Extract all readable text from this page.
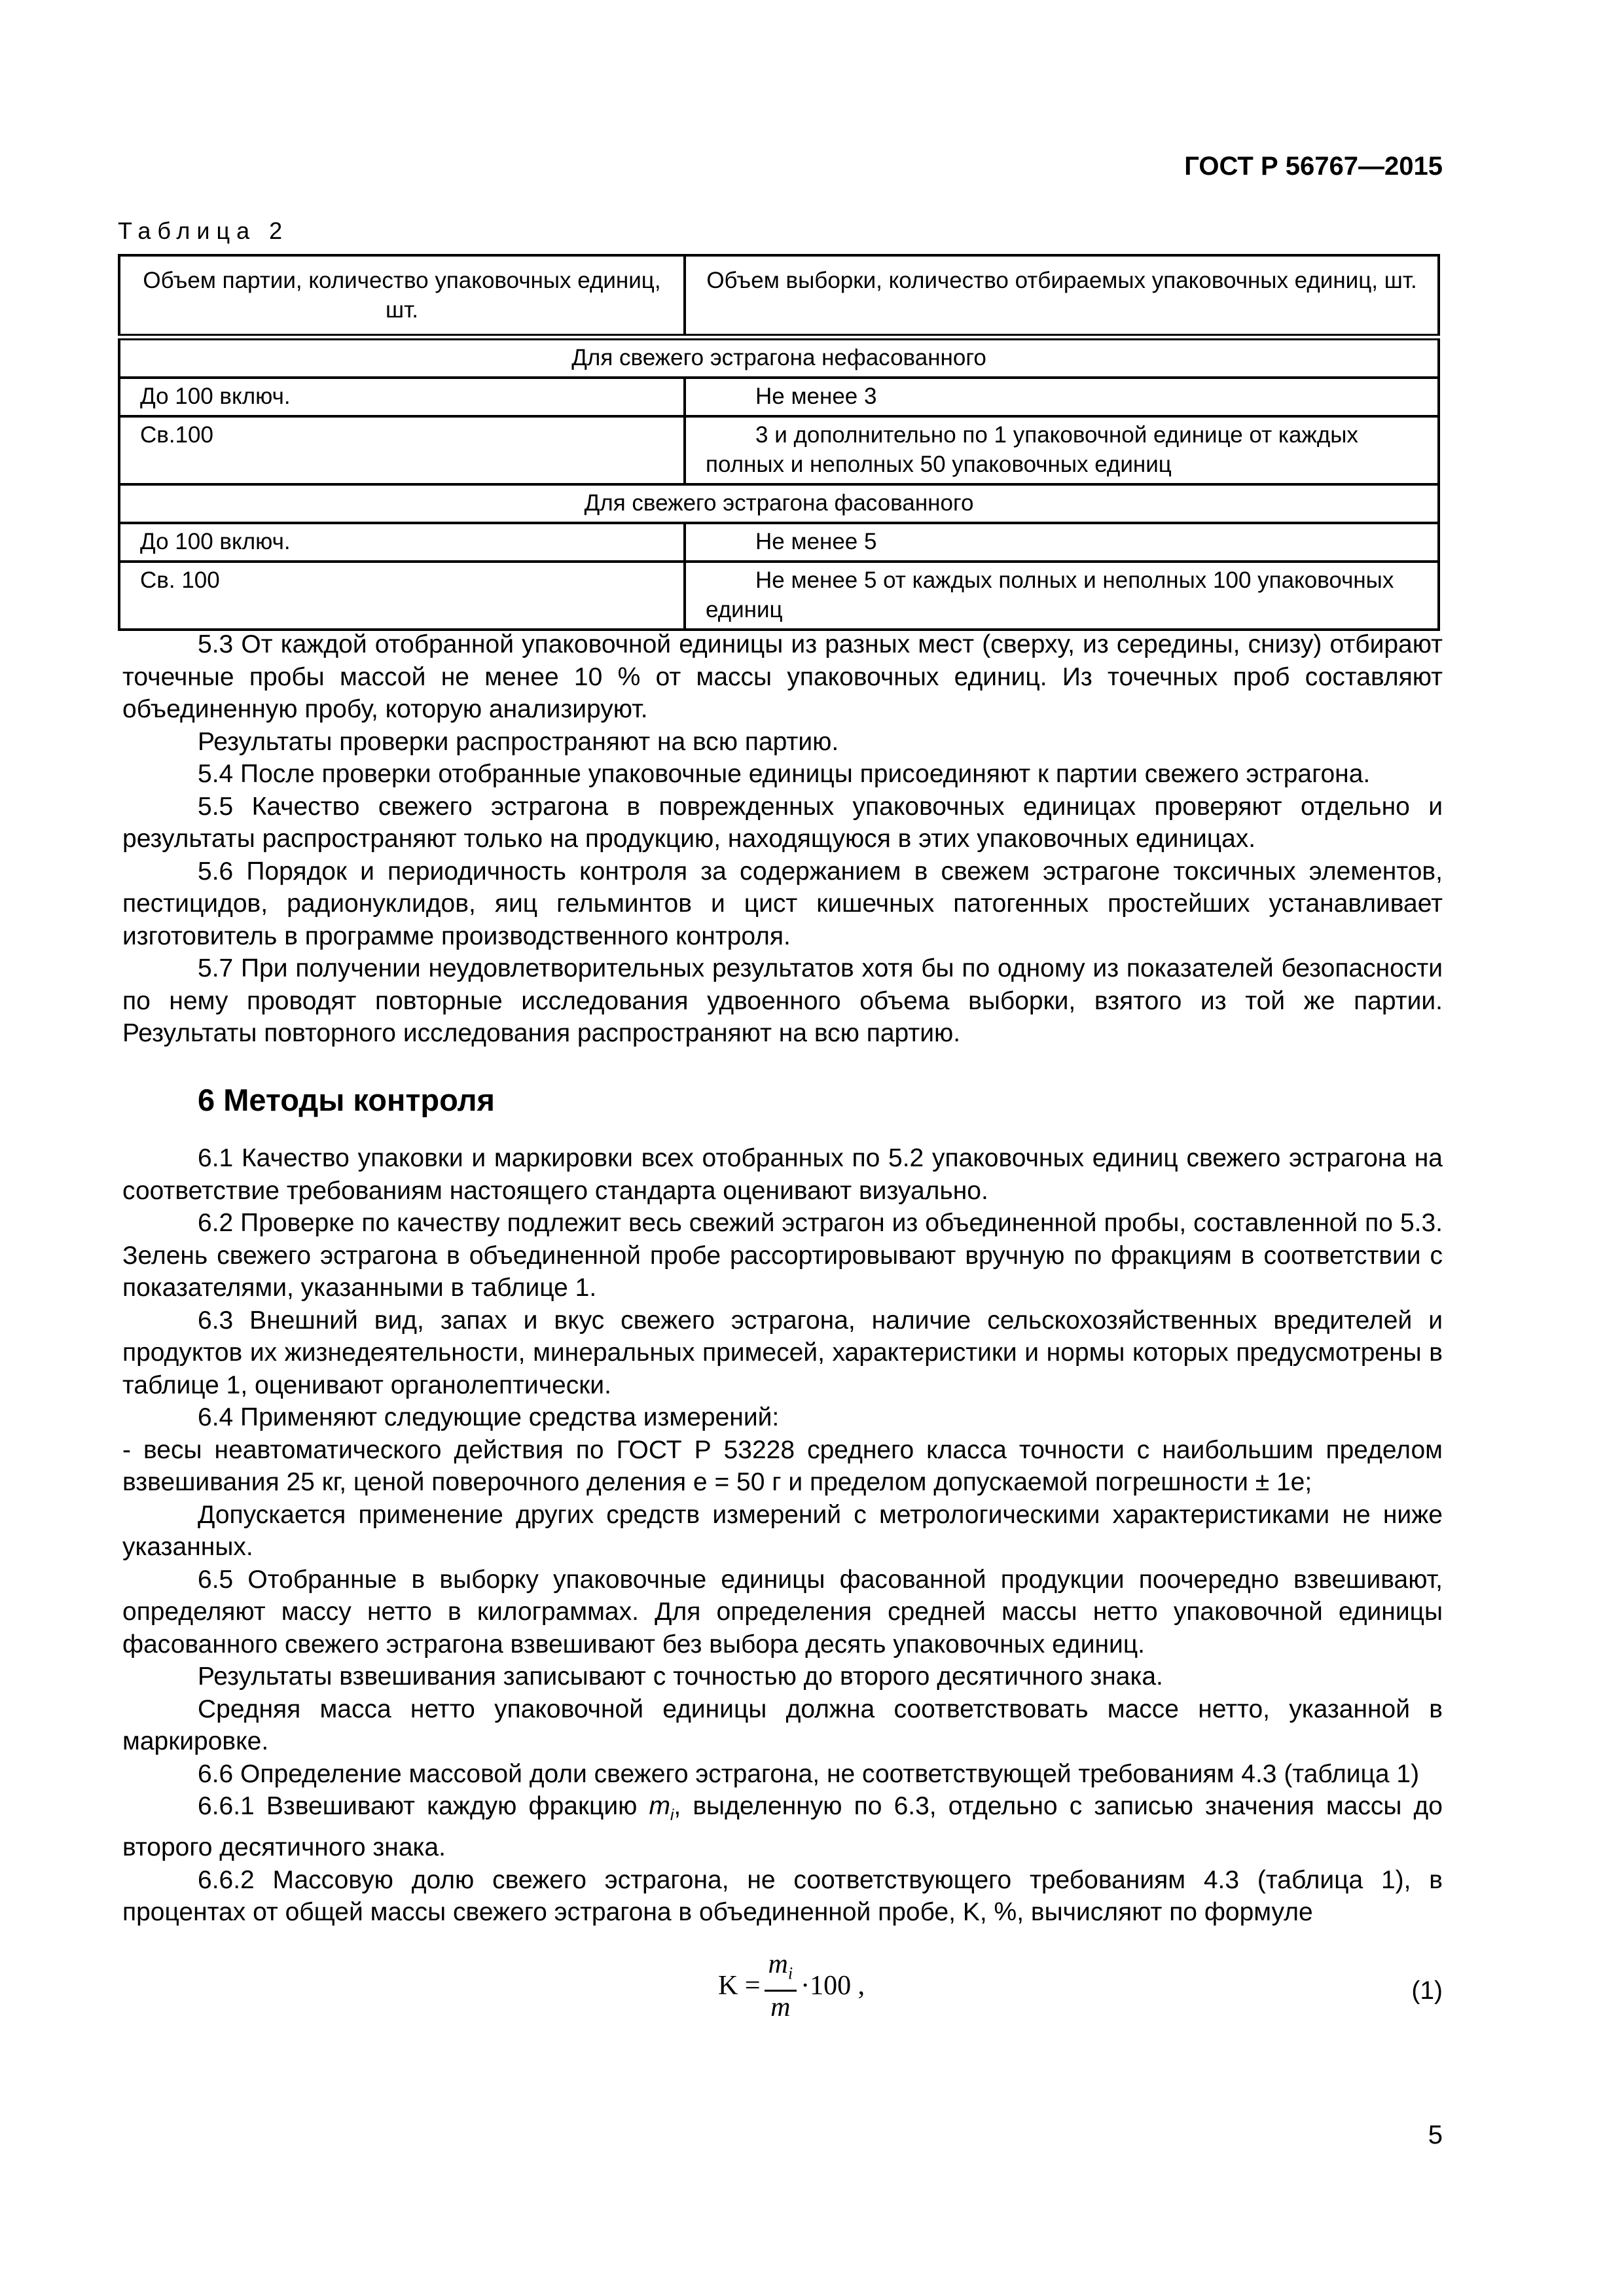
ГОСТ Р 56767—2015
Таблица 2
Объем партии, количество упаковочных единиц, шт.	Объем выборки, количество отбираемых упаковочных единиц, шт.
Для свежего эстрагона нефасованного	
До 100 включ.	Не менее 3
Св.100	3 и дополнительно по 1 упаковочной единице от каждых полных и неполных 50 упаковочных единиц
Для свежего эстрагона фасованного	
До 100 включ.	Не менее 5
Св. 100	Не менее 5 от каждых полных и неполных 100 упаковочных единиц

5.3 От каждой отобранной упаковочной единицы из разных мест (сверху, из середины, снизу) отбирают точечные пробы массой не менее 10 % от массы упаковочных единиц. Из точечных проб составляют объединенную пробу, которую анализируют.

Результаты проверки распространяют на всю партию.

5.4 После проверки отобранные упаковочные единицы присоединяют к партии свежего эстрагона.

5.5 Качество свежего эстрагона в поврежденных упаковочных единицах проверяют отдельно и результаты распространяют только на продукцию, находящуюся в этих упаковочных единицах.

5.6 Порядок и периодичность контроля за содержанием в свежем эстрагоне токсичных элементов, пестицидов, радионуклидов, яиц гельминтов и цист кишечных патогенных простейших устанавливает изготовитель в программе производственного контроля.

5.7 При получении неудовлетворительных результатов хотя бы по одному из показателей безопасности по нему проводят повторные исследования удвоенного объема выборки, взятого из той же партии. Результаты повторного исследования распространяют на всю партию.

6 Методы контроля

6.1 Качество упаковки и маркировки всех отобранных по 5.2 упаковочных единиц свежего эстрагона на соответствие требованиям настоящего стандарта оценивают визуально.

6.2 Проверке по качеству подлежит весь свежий эстрагон из объединенной пробы, составленной по 5.3. Зелень свежего эстрагона в объединенной пробе рассортировывают вручную по фракциям в соответствии с показателями, указанными в таблице 1.

6.3 Внешний вид, запах и вкус свежего эстрагона, наличие сельскохозяйственных вредителей и продуктов их жизнедеятельности, минеральных примесей, характеристики и нормы которых предусмотрены в таблице 1, оценивают органолептически.

6.4 Применяют следующие средства измерений:

- весы неавтоматического действия по ГОСТ Р 53228 среднего класса точности с наибольшим пределом взвешивания 25 кг, ценой поверочного деления е = 50 г и пределом допускаемой погрешности ± 1е;

Допускается применение других средств измерений с метрологическими характеристиками не ниже указанных.

6.5 Отобранные в выборку упаковочные единицы фасованной продукции поочередно взвешивают, определяют массу нетто в килограммах. Для определения средней массы нетто упаковочной единицы фасованного свежего эстрагона взвешивают без выбора десять упаковочных единиц.

Результаты взвешивания записывают с точностью до второго десятичного знака.

Средняя масса нетто упаковочной единицы должна соответствовать массе нетто, указанной в маркировке.

6.6 Определение массовой доли свежего эстрагона, не соответствующей требованиям 4.3 (таблица 1)

6.6.1 Взвешивают каждую фракцию $m_i$, выделенную по 6.3, отдельно с записью значения массы до второго десятичного знака.

6.6.2 Массовую долю свежего эстрагона, не соответствующего требованиям 4.3 (таблица 1), в процентах от общей массы свежего эстрагона в объединенной пробе, K, %, вычисляют по формуле

$K = \frac{m_i}{m} \cdot 100$ ,	(1)
5
